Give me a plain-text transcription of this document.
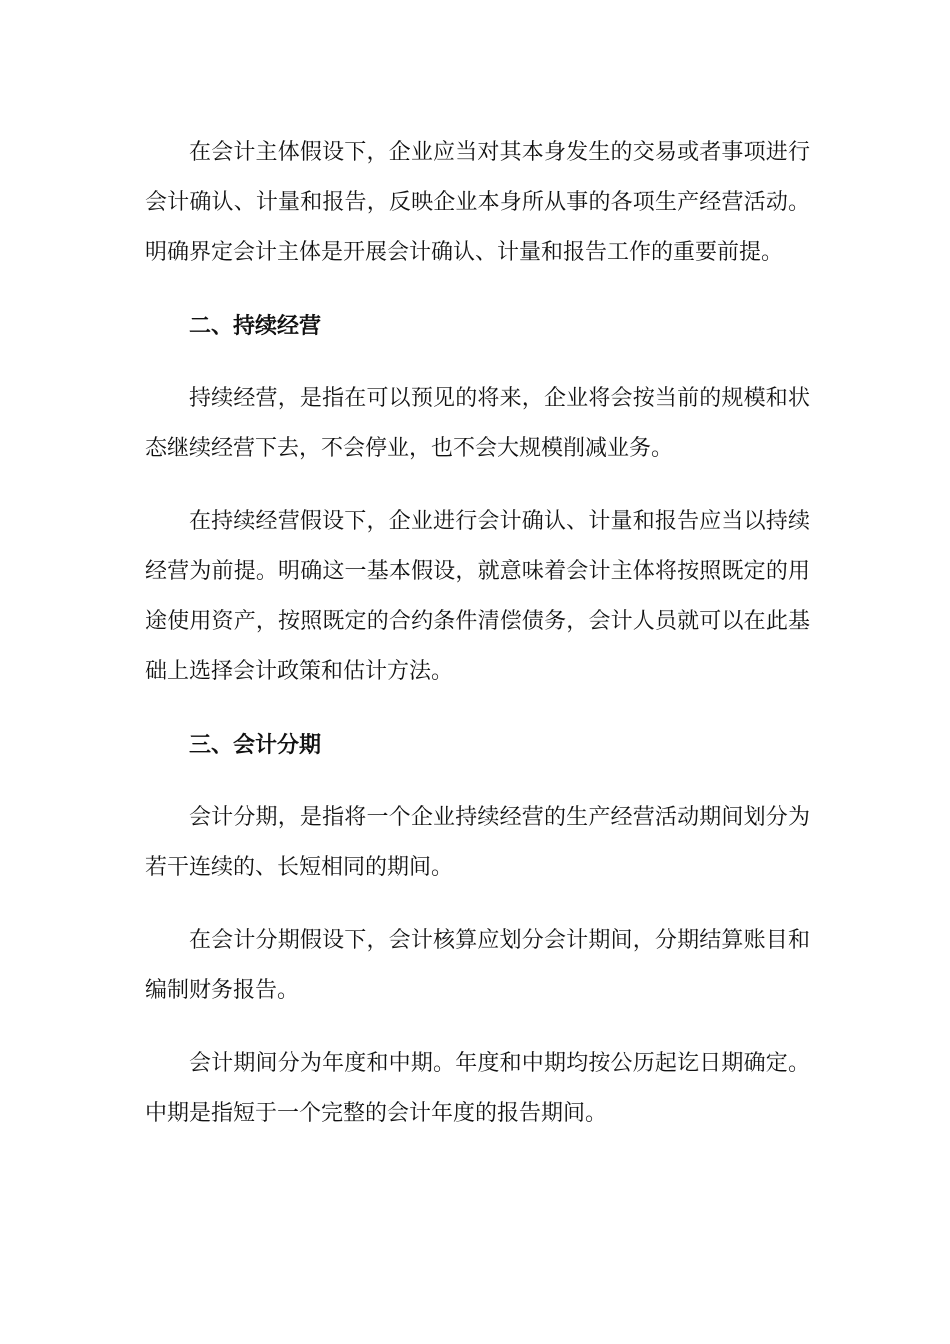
在会计主体假设下，企业应当对其本身发生的交易或者事项进行会计确认、计量和报告，反映企业本身所从事的各项生产经营活动。明确界定会计主体是开展会计确认、计量和报告工作的重要前提。

二、持续经营

持续经营，是指在可以预见的将来，企业将会按当前的规模和状态继续经营下去，不会停业，也不会大规模削减业务。

在持续经营假设下，企业进行会计确认、计量和报告应当以持续经营为前提。明确这一基本假设，就意味着会计主体将按照既定的用途使用资产，按照既定的合约条件清偿债务，会计人员就可以在此基础上选择会计政策和估计方法。

三、会计分期

会计分期，是指将一个企业持续经营的生产经营活动期间划分为若干连续的、长短相同的期间。

在会计分期假设下，会计核算应划分会计期间，分期结算账目和编制财务报告。

会计期间分为年度和中期。年度和中期均按公历起讫日期确定。中期是指短于一个完整的会计年度的报告期间。
